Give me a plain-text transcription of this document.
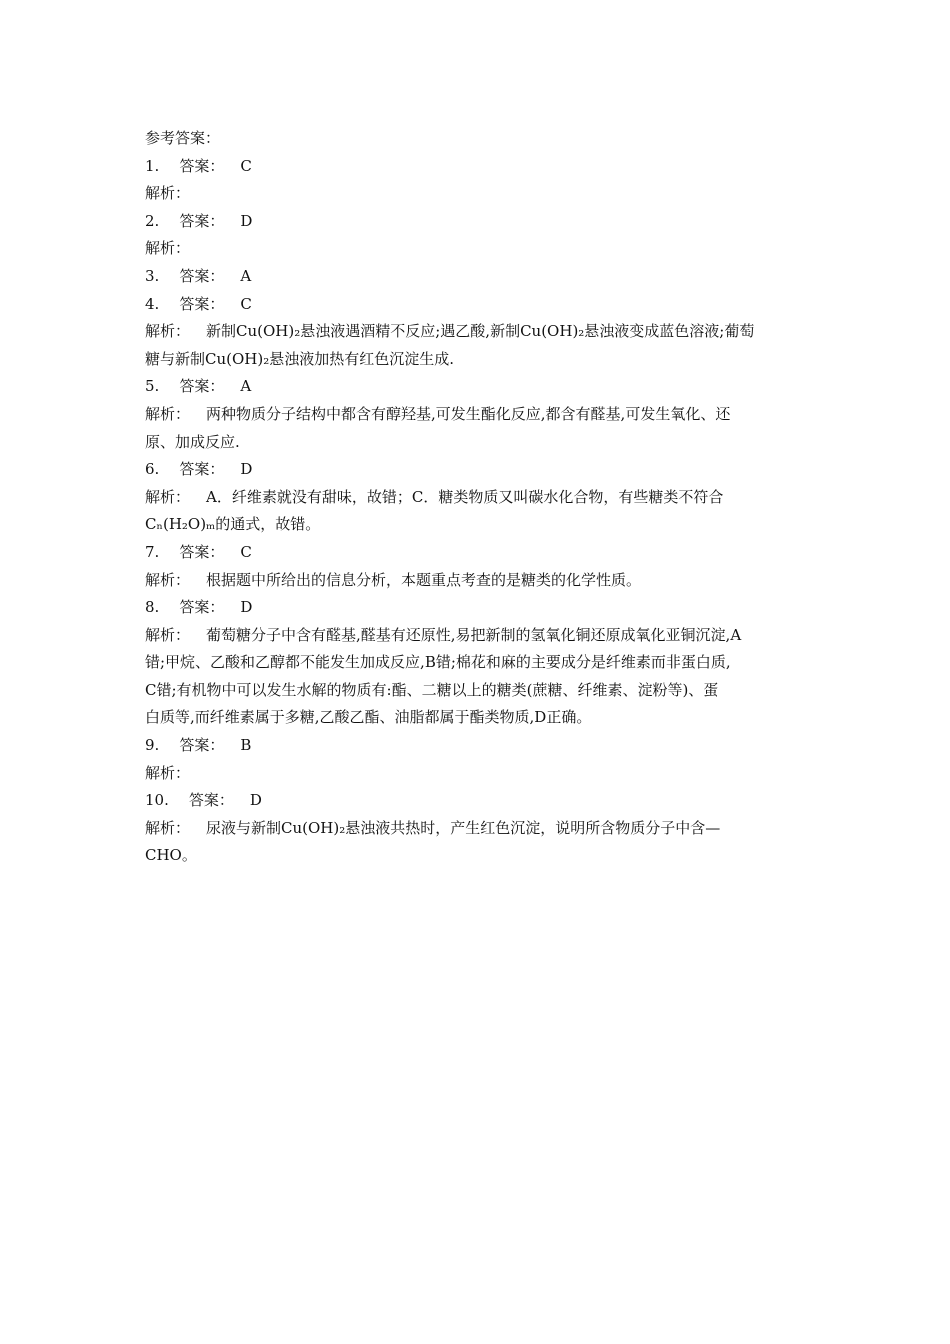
参考答案：
1. 答案： C
解析：
2. 答案： D
解析：
3. 答案： A
4. 答案： C
解析： 新制Cu(OH)₂悬浊液遇酒精不反应;遇乙酸,新制Cu(OH)₂悬浊液变成蓝色溶液;葡萄
糖与新制Cu(OH)₂悬浊液加热有红色沉淀生成.
5. 答案： A
解析： 两种物质分子结构中都含有醇羟基,可发生酯化反应,都含有醛基,可发生氧化、还
原、加成反应.
6. 答案： D
解析： A．纤维素就没有甜味，故错；C．糖类物质又叫碳水化合物，有些糖类不符合
Cₙ(H₂O)ₘ的通式，故错。
7. 答案： C
解析： 根据题中所给出的信息分析，本题重点考查的是糖类的化学性质。
8. 答案： D
解析： 葡萄糖分子中含有醛基,醛基有还原性,易把新制的氢氧化铜还原成氧化亚铜沉淀,A
错;甲烷、乙酸和乙醇都不能发生加成反应,B错;棉花和麻的主要成分是纤维素而非蛋白质,
C错;有机物中可以发生水解的物质有:酯、二糖以上的糖类(蔗糖、纤维素、淀粉等)、蛋
白质等,而纤维素属于多糖,乙酸乙酯、油脂都属于酯类物质,D正确。
9. 答案： B
解析：
10. 答案： D
解析： 尿液与新制Cu(OH)₂悬浊液共热时，产生红色沉淀，说明所含物质分子中含—
CHO。
